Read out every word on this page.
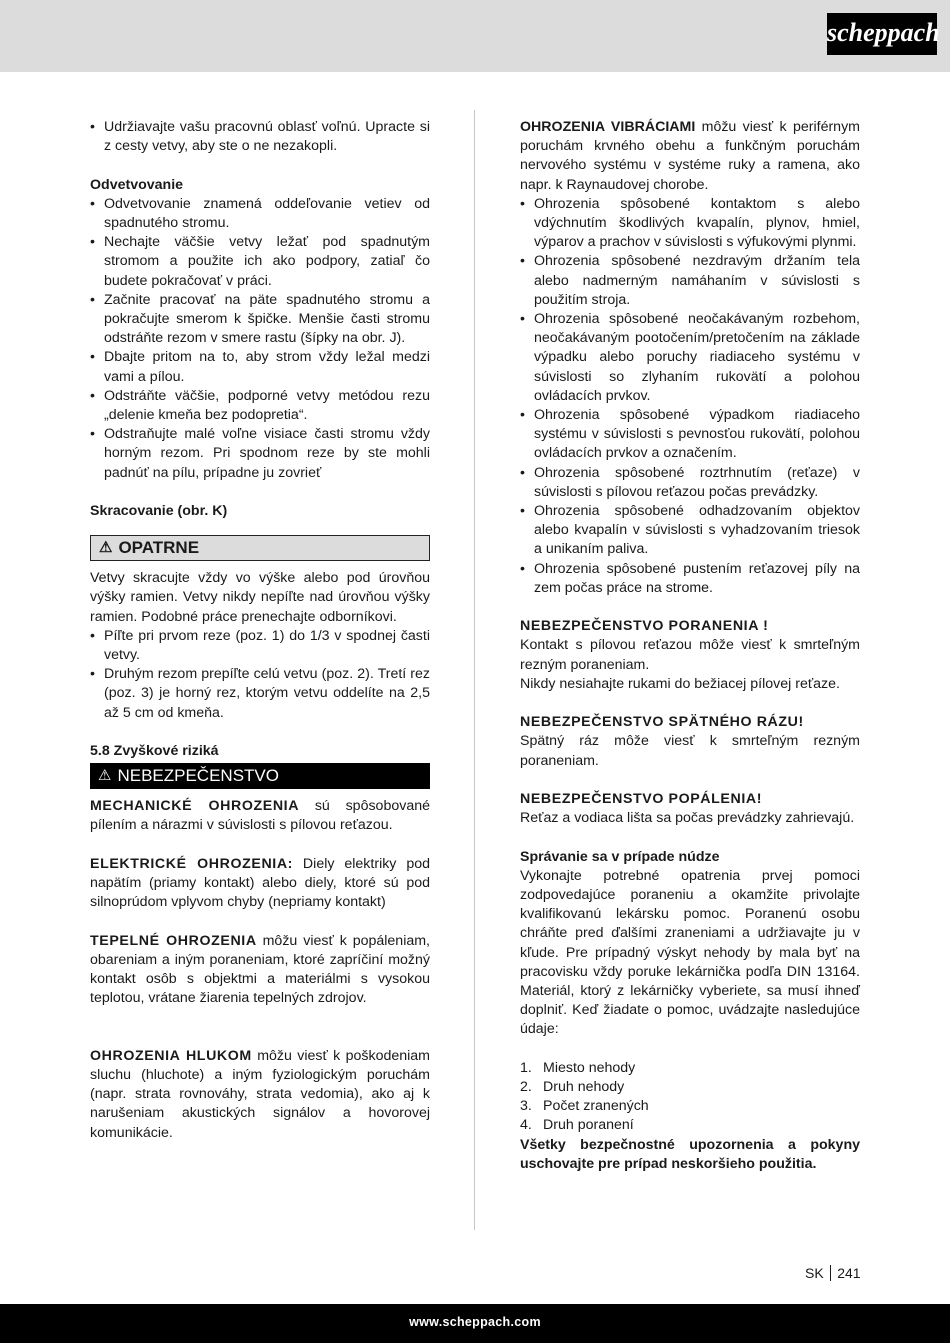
scheppach
• Udržiavajte vašu pracovnú oblasť voľnú. Upracte si z cesty vetvy, aby ste o ne nezakopli.

Odvetvovanie

• Odvetvovanie znamená oddeľovanie vetiev od spadnutého stromu.
• Nechajte väčšie vetvy ležať pod spadnutým stromom a použite ich ako podpory, zatiaľ čo budete pokračovať v práci.
• Začnite pracovať na päte spadnutého stromu a pokračujte smerom k špičke. Menšie časti stromu odstráňte rezom v smere rastu (šípky na obr. J).
• Dbajte pritom na to, aby strom vždy ležal medzi vami a pílou.
• Odstráňte väčšie, podporné vetvy metódou rezu „delenie kmeňa bez podopretia“.
• Odstraňujte malé voľne visiace časti stromu vždy horným rezom. Pri spodnom reze by ste mohli padnúť na pílu, prípadne ju zovrieť

Skracovanie (obr. K)

⚠ OPATRNE

Vetvy skracujte vždy vo výške alebo pod úrovňou výšky ramien. Vetvy nikdy nepíľte nad úrovňou výšky ramien. Podobné práce prenechajte odborníkovi.

• Píľte pri prvom reze (poz. 1) do 1/3 v spodnej časti vetvy.
• Druhým rezom prepíľte celú vetvu (poz. 2). Tretí rez (poz. 3) je horný rez, ktorým vetvu oddelíte na 2,5 až 5 cm od kmeňa.

5.8 Zvyškové riziká

⚠ NEBEZPEČENSTVO

MECHANICKÉ OHROZENIA sú spôsobované pílením a nárazmi v súvislosti s pílovou reťazou.

ELEKTRICKÉ OHROZENIA: Diely elektriky pod napätím (priamy kontakt) alebo diely, ktoré sú pod silnoprúdom vplyvom chyby (nepriamy kontakt)

TEPELNÉ OHROZENIA môžu viesť k popáleniam, obareniam a iným poraneniam, ktoré zapríčiní možný kontakt osôb s objektmi a materiálmi s vysokou teplotou, vrátane žiarenia tepelných zdrojov.

OHROZENIA HLUKOM môžu viesť k poškodeniam sluchu (hluchote) a iným fyziologickým poruchám (napr. strata rovnováhy, strata vedomia), ako aj k narušeniam akustických signálov a hovorovej komunikácie.

OHROZENIA VIBRÁCIAMI môžu viesť k periférnym poruchám krvného obehu a funkčným poruchám nervového systému v systéme ruky a ramena, ako napr. k Raynaudovej chorobe.

• Ohrozenia spôsobené kontaktom s alebo vdýchnutím škodlivých kvapalín, plynov, hmiel, výparov a prachov v súvislosti s výfukovými plynmi.
• Ohrozenia spôsobené nezdravým držaním tela alebo nadmerným namáhaním v súvislosti s použitím stroja.
• Ohrozenia spôsobené neočakávaným rozbehom, neočakávaným pootočením/pretočením na základe výpadku alebo poruchy riadiaceho systému v súvislosti so zlyhaním rukovätí a polohou ovládacích prvkov.
• Ohrozenia spôsobené výpadkom riadiaceho systému v súvislosti s pevnosťou rukovätí, polohou ovládacích prvkov a označením.
• Ohrozenia spôsobené roztrhnutím (reťaze) v súvislosti s pílovou reťazou počas prevádzky.
• Ohrozenia spôsobené odhadzovaním objektov alebo kvapalín v súvislosti s vyhadzovaním triesok a unikaním paliva.
• Ohrozenia spôsobené pustením reťazovej píly na zem počas práce na strome.

NEBEZPEČENSTVO PORANENIA !

Kontakt s pílovou reťazou môže viesť k smrteľným rezným poraneniam.

Nikdy nesiahajte rukami do bežiacej pílovej reťaze.

NEBEZPEČENSTVO SPÄTNÉHO RÁZU!

Spätný ráz môže viesť k smrteľným rezným poraneniam.

NEBEZPEČENSTVO POPÁLENIA!

Reťaz a vodiaca lišta sa počas prevádzky zahrievajú.

Správanie sa v prípade núdze

Vykonajte potrebné opatrenia prvej pomoci zodpovedajúce poraneniu a okamžite privolajte kvalifikovanú lekársku pomoc. Poranenú osobu chráňte pred ďalšími zraneniami a udržiavajte ju v kľude. Pre prípadný výskyt nehody by mala byť na pracovisku vždy poruke lekárnička podľa DIN 13164. Materiál, ktorý z lekárničky vyberiete, sa musí ihneď doplniť. Keď žiadate o pomoc, uvádzajte nasledujúce údaje:

1. Miesto nehody
2. Druh nehody
3. Počet zranených
4. Druh poranení

Všetky bezpečnostné upozornenia a pokyny uschovajte pre prípad neskoršieho použitia.

SK 241
www.scheppach.com
